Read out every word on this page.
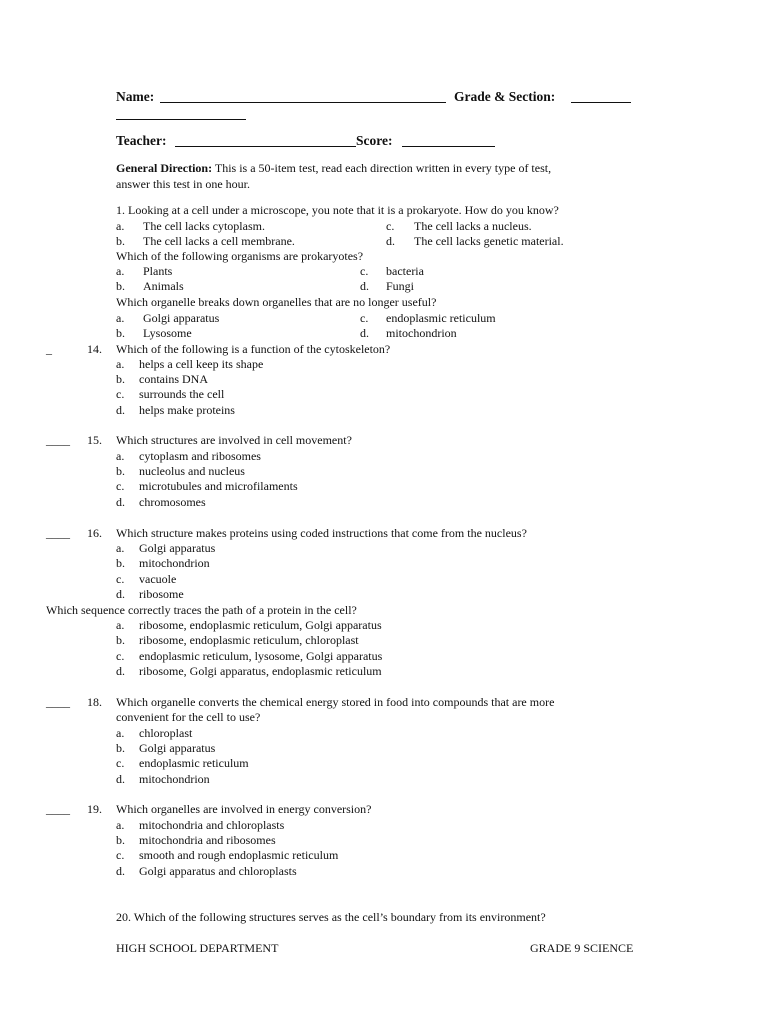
Name:	Grade & Section:
Teacher:	Score:
General Direction: This is a 50-item test, read each direction written in every type of test,
answer this test in one hour.
1. Looking at a cell under a microscope, you note that it is a prokaryote. How do you know?
a. The cell lacks cytoplasm.	c. The cell lacks a nucleus.
b. The cell lacks a cell membrane.	d. The cell lacks genetic material.
Which of the following organisms are prokaryotes?
a. Plants	c. bacteria
b. Animals	d. Fungi
Which organelle breaks down organelles that are no longer useful?
a. Golgi apparatus	c. endoplasmic reticulum
b. Lysosome	d. mitochondrion
_	14. Which of the following is a function of the cytoskeleton?
a. helps a cell keep its shape
b. contains DNA
c. surrounds the cell
d. helps make proteins
____ 15. Which structures are involved in cell movement?
a. cytoplasm and ribosomes
b. nucleolus and nucleus
c. microtubules and microfilaments
d. chromosomes
____ 16. Which structure makes proteins using coded instructions that come from the nucleus?
a. Golgi apparatus
b. mitochondrion
c. vacuole
d. ribosome
Which sequence correctly traces the path of a protein in the cell?
a. ribosome, endoplasmic reticulum, Golgi apparatus
b. ribosome, endoplasmic reticulum, chloroplast
c. endoplasmic reticulum, lysosome, Golgi apparatus
d. ribosome, Golgi apparatus, endoplasmic reticulum
____ 18. Which organelle converts the chemical energy stored in food into compounds that are more
convenient for the cell to use?
a. chloroplast
b. Golgi apparatus
c. endoplasmic reticulum
d. mitochondrion
____ 19. Which organelles are involved in energy conversion?
a. mitochondria and chloroplasts
b. mitochondria and ribosomes
c. smooth and rough endoplasmic reticulum
d. Golgi apparatus and chloroplasts
20. Which of the following structures serves as the cell’s boundary from its environment?
HIGH SCHOOL DEPARTMENT	GRADE 9 SCIENCE
